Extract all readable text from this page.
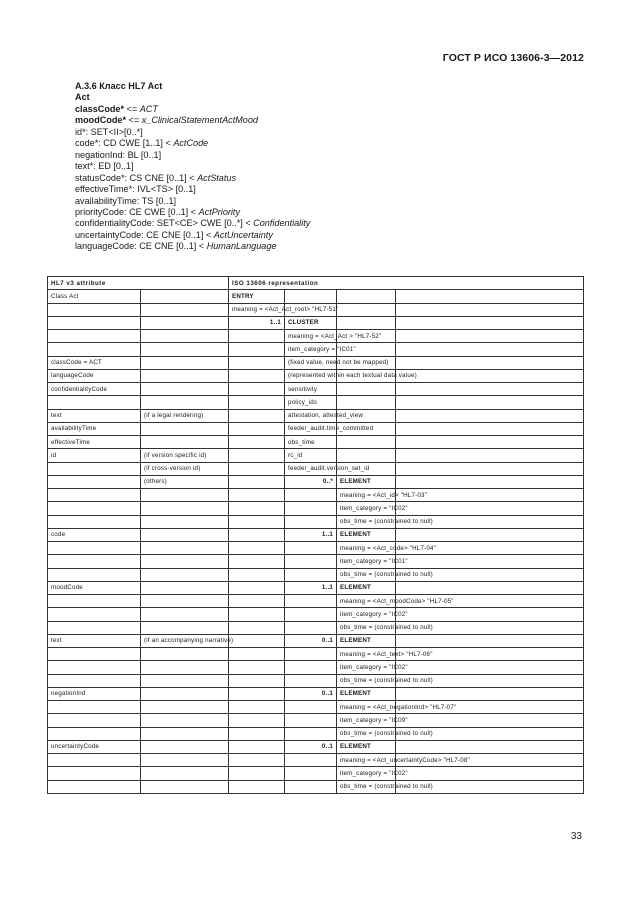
ГОСТ Р ИСО 13606-3—2012
А.3.6 Класс HL7 Act
Act
classCode* <= ACT
moodCode* <= x_ClinicalStatementActMood
id*: SET<II>[0..*]
code*: CD CWE [1..1] < ActCode
negationInd: BL [0..1]
text*: ED [0..1]
statusCode*: CS CNE [0..1] < ActStatus
effectiveTime*: IVL<TS> [0..1]
availabilityTime: TS [0..1]
priorityCode: CE CWE [0..1] < ActPriority
confidentialityCode: SET<CE> CWE [0..*] < Confidentiality
uncertaintyCode: CE CNE [0..1] < ActUncertainty
languageCode: CE CNE [0..1] < HumanLanguage
HL7 v3 attribute		ISO 13606 representation			
Class Act		ENTRY			
		meaning = <Act_Act_root> "HL7-51"			
		1..1	CLUSTER		
			meaning = <Act_Act > "HL7-52"		
			item_category = "IC01"		
classCode = ACT			(fixed value, need not be mapped)		
languageCode			(represented within each textual data value)		
confidentialityCode			sensitivity		
			policy_ids		
text	(if a legal rendering)		attestation, attested_view		
availabilityTime			feeder_audit.time_committed		
effectiveTime			obs_time		
id	(if version specific id)		rc_id		
	(if cross-version id)		feeder_audit.version_set_id		
	(others)		0..*	ELEMENT	
				meaning = <Act_id> "HL7-03"	
				item_category = "IC02"	
				obs_time = (constrained to null)	
code			1..1	ELEMENT	
				meaning = <Act_code> "HL7-04"	
				item_category = "IC01"	
				obs_time = (constrained to null)	
moodCode			1..1	ELEMENT	
				meaning = <Act_moodCode> "HL7-05"	
				item_category = "IC02"	
				obs_time = (constrained to null)	
text	(if an accompanying narrative)		0..1	ELEMENT	
				meaning = <Act_text> "HL7-06"	
				item_category = "IC02"	
				obs_time = (constrained to null)	
negationInd			0..1	ELEMENT	
				meaning = <Act_negationInd> "HL7-07"	
				item_category = "IC09"	
				obs_time = (constrained to null)	
uncertaintyCode			0..1	ELEMENT	
				meaning = <Act_uncertaintyCode> "HL7-08"	
				item_category = "IC02"	
				obs_time = (constrained to null)	
33
